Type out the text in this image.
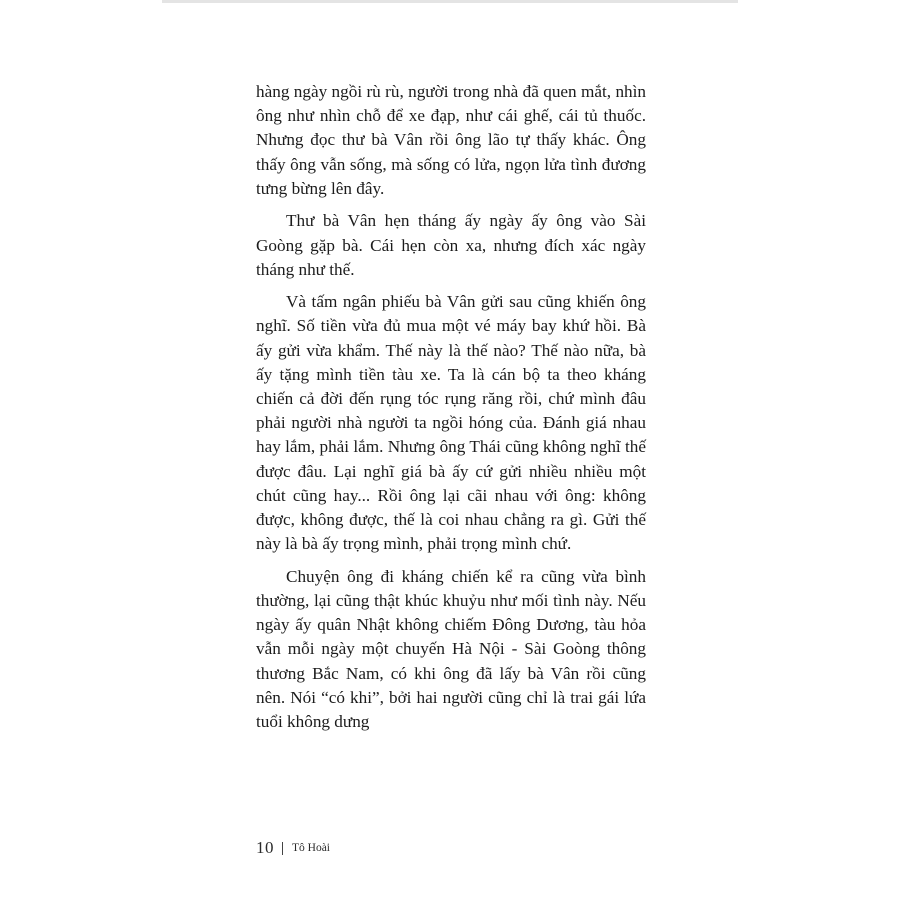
hàng ngày ngồi rù rù, người trong nhà đã quen mắt, nhìn ông như nhìn chỗ để xe đạp, như cái ghế, cái tủ thuốc. Nhưng đọc thư bà Vân rồi ông lão tự thấy khác. Ông thấy ông vẫn sống, mà sống có lửa, ngọn lửa tình đương tưng bừng lên đây.

Thư bà Vân hẹn tháng ấy ngày ấy ông vào Sài Goòng gặp bà. Cái hẹn còn xa, nhưng đích xác ngày tháng như thế.

Và tấm ngân phiếu bà Vân gửi sau cũng khiến ông nghĩ. Số tiền vừa đủ mua một vé máy bay khứ hồi. Bà ấy gửi vừa khẩm. Thế này là thế nào? Thế nào nữa, bà ấy tặng mình tiền tàu xe. Ta là cán bộ ta theo kháng chiến cả đời đến rụng tóc rụng răng rồi, chứ mình đâu phải người nhà người ta ngồi hóng của. Đánh giá nhau hay lắm, phải lắm. Nhưng ông Thái cũng không nghĩ thế được đâu. Lại nghĩ giá bà ấy cứ gửi nhiều nhiều một chút cũng hay... Rồi ông lại cãi nhau với ông: không được, không được, thế là coi nhau chẳng ra gì. Gửi thế này là bà ấy trọng mình, phải trọng mình chứ.

Chuyện ông đi kháng chiến kể ra cũng vừa bình thường, lại cũng thật khúc khuỷu như mối tình này. Nếu ngày ấy quân Nhật không chiếm Đông Dương, tàu hỏa vẫn mỗi ngày một chuyến Hà Nội - Sài Goòng thông thương Bắc Nam, có khi ông đã lấy bà Vân rồi cũng nên. Nói “có khi”, bởi hai người cũng chỉ là trai gái lứa tuổi không dưng

10 Tô Hoài
